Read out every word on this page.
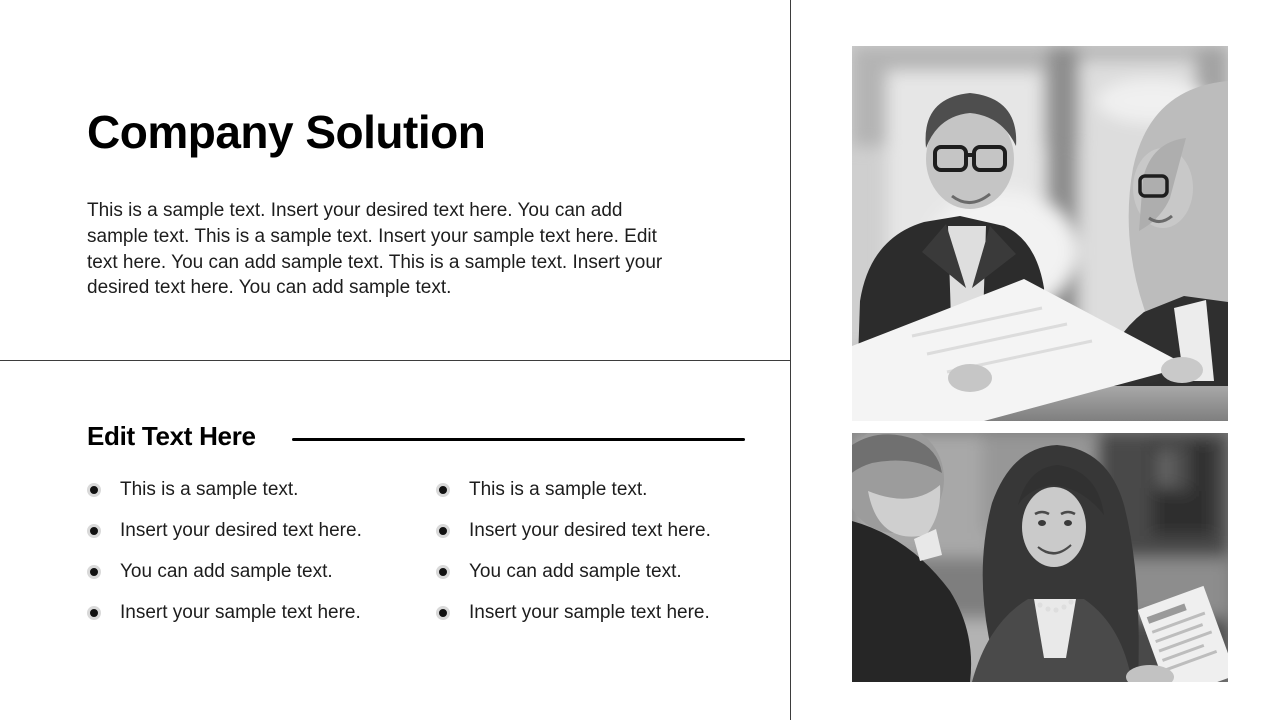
Company Solution

This is a sample text. Insert your desired text here. You can add sample text. This is a sample text. Insert your sample text here. Edit text here. You can add sample text. This is a sample text. Insert your desired text here. You can add sample text.

Edit Text Here
This is a sample text.
Insert your desired text here.
You can add sample text.
Insert your sample text here.
This is a sample text.
Insert your desired text here.
You can add sample text.
Insert your sample text here.
